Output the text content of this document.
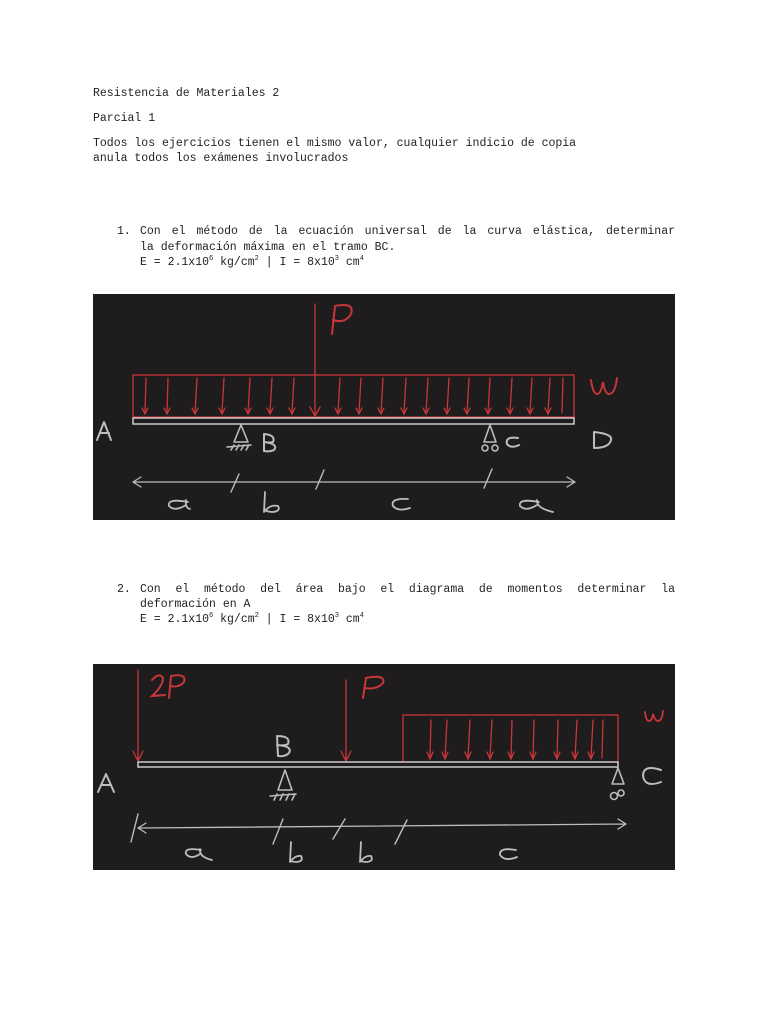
Resistencia de Materiales 2
Parcial 1
Todos los ejercicios tienen el mismo valor, cualquier indicio de copia
anula todos los exámenes involucrados
1. Con el método de la ecuación universal de la curva elástica, determinar
la deformación máxima en el tramo BC.
$E = 2.1x10^6$ $kg/cm^2$ | $I = 8x10^3$ $cm^4$
2. Con el método del área bajo el diagrama de momentos determinar la
deformación en A
$E = 2.1x10^6$ $kg/cm^2$ | $I = 8x10^3$ $cm^4$
